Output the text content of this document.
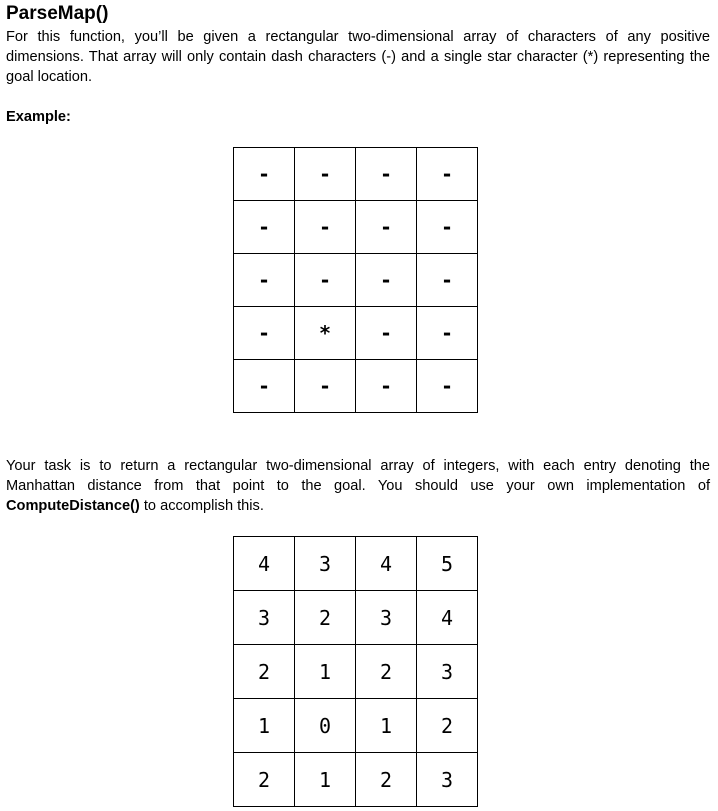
ParseMap()

For this function, you’ll be given a rectangular two-dimensional array of characters of any positive dimensions. That array will only contain dash characters (-) and a single star character (*) representing the goal location.

Example:

-	-	-	-
-	-	-	-
-	-	-	-
-	*	-	-
-	-	-	-

Your task is to return a rectangular two-dimensional array of integers, with each entry denoting the Manhattan distance from that point to the goal. You should use your own implementation of ComputeDistance() to accomplish this.

4	3	4	5
3	2	3	4
2	1	2	3
1	0	1	2
2	1	2	3
